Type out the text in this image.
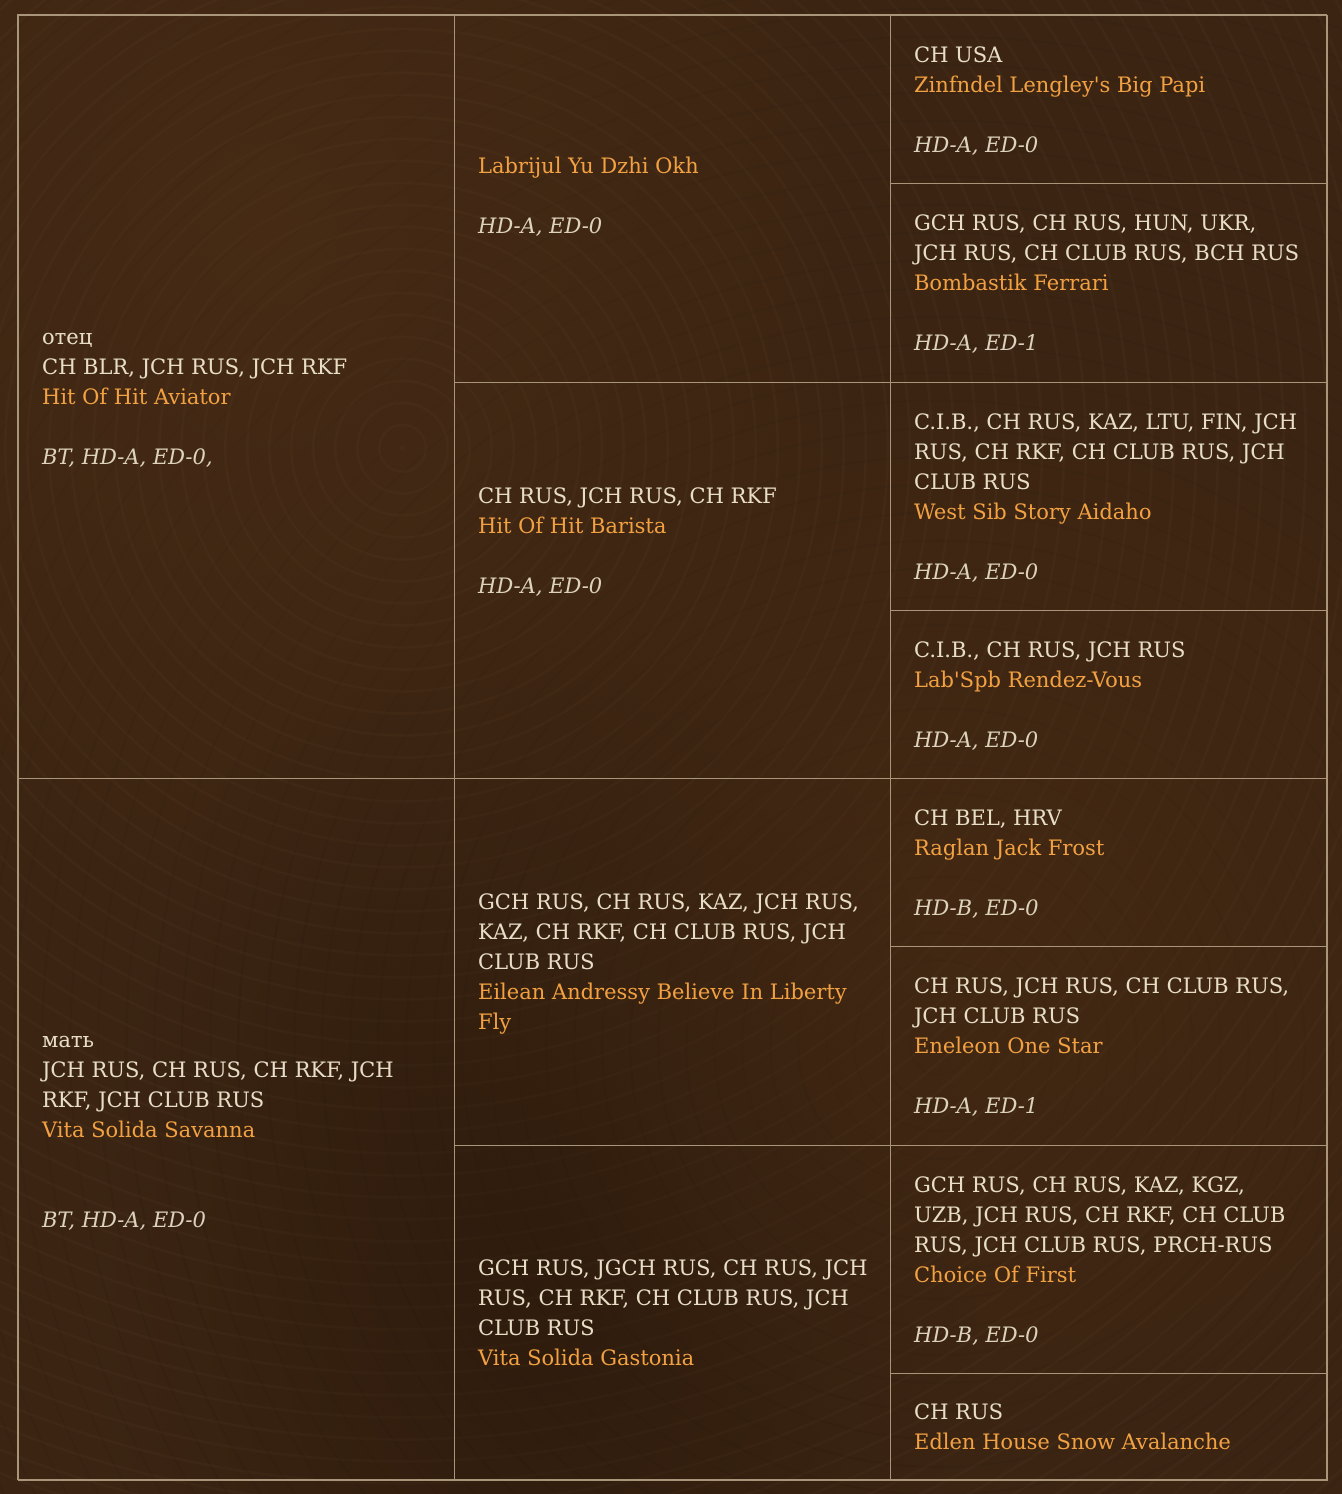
отец
CH BLR, JCH RUS, JCH RKF
Hit Of Hit Aviator
BT, HD-A, ED-0,
мать
JCH RUS, CH RUS, CH RKF, JCH RKF, JCH CLUB RUS
Vita Solida Savanna
BT, HD-A, ED-0
Labrijul Yu Dzhi Okh
HD-A, ED-0
CH RUS, JCH RUS, CH RKF
Hit Of Hit Barista
HD-A, ED-0
GCH RUS, CH RUS, KAZ, JCH RUS, KAZ, CH RKF, CH CLUB RUS, JCH CLUB RUS
Eilean Andressy Believe In Liberty Fly
GCH RUS, JGCH RUS, CH RUS, JCH RUS, CH RKF, CH CLUB RUS, JCH CLUB RUS
Vita Solida Gastonia
CH USA
Zinfndel Lengley's Big Papi
HD-A, ED-0
GCH RUS, CH RUS, HUN, UKR, JCH RUS, CH CLUB RUS, BCH RUS
Bombastik Ferrari
HD-A, ED-1
C.I.B., CH RUS, KAZ, LTU, FIN, JCH RUS, CH RKF, CH CLUB RUS, JCH CLUB RUS
West Sib Story Aidaho
HD-A, ED-0
C.I.B., CH RUS, JCH RUS
Lab'Spb Rendez-Vous
HD-A, ED-0
CH BEL, HRV
Raglan Jack Frost
HD-B, ED-0
CH RUS, JCH RUS, CH CLUB RUS, JCH CLUB RUS
Eneleon One Star
HD-A, ED-1
GCH RUS, CH RUS, KAZ, KGZ, UZB, JCH RUS, CH RKF, CH CLUB RUS, JCH CLUB RUS, PRCH-RUS
Choice Of First
HD-B, ED-0
CH RUS
Edlen House Snow Avalanche
